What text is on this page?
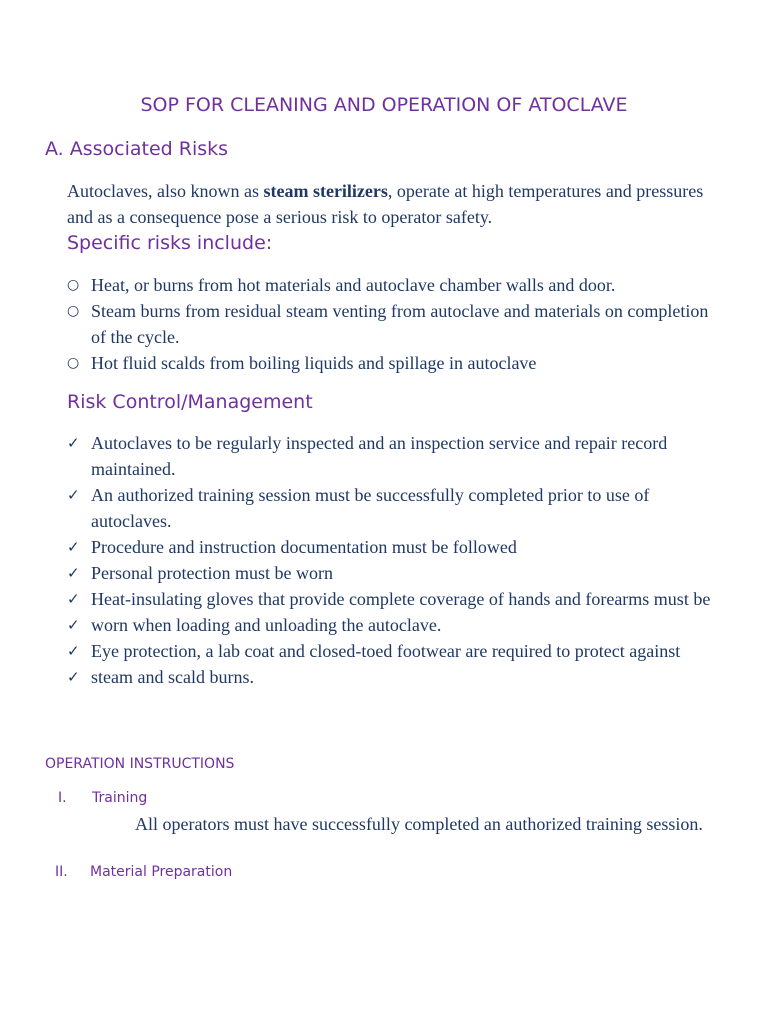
SOP FOR CLEANING AND OPERATION OF ATOCLAVE
A. Associated Risks
Autoclaves, also known as steam sterilizers, operate at high temperatures and pressures and as a consequence pose a serious risk to operator safety.
Specific risks include:
○ Heat, or burns from hot materials and autoclave chamber walls and door.
○ Steam burns from residual steam venting from autoclave and materials on completion of the cycle.
○ Hot fluid scalds from boiling liquids and spillage in autoclave
Risk Control/Management
✓ Autoclaves to be regularly inspected and an inspection service and repair record maintained.
✓ An authorized training session must be successfully completed prior to use of autoclaves.
✓ Procedure and instruction documentation must be followed
✓ Personal protection must be worn
✓ Heat-insulating gloves that provide complete coverage of hands and forearms must be
✓ worn when loading and unloading the autoclave.
✓ Eye protection, a lab coat and closed-toed footwear are required to protect against
✓ steam and scald burns.
OPERATION INSTRUCTIONS
I. Training
All operators must have successfully completed an authorized training session.
II. Material Preparation
